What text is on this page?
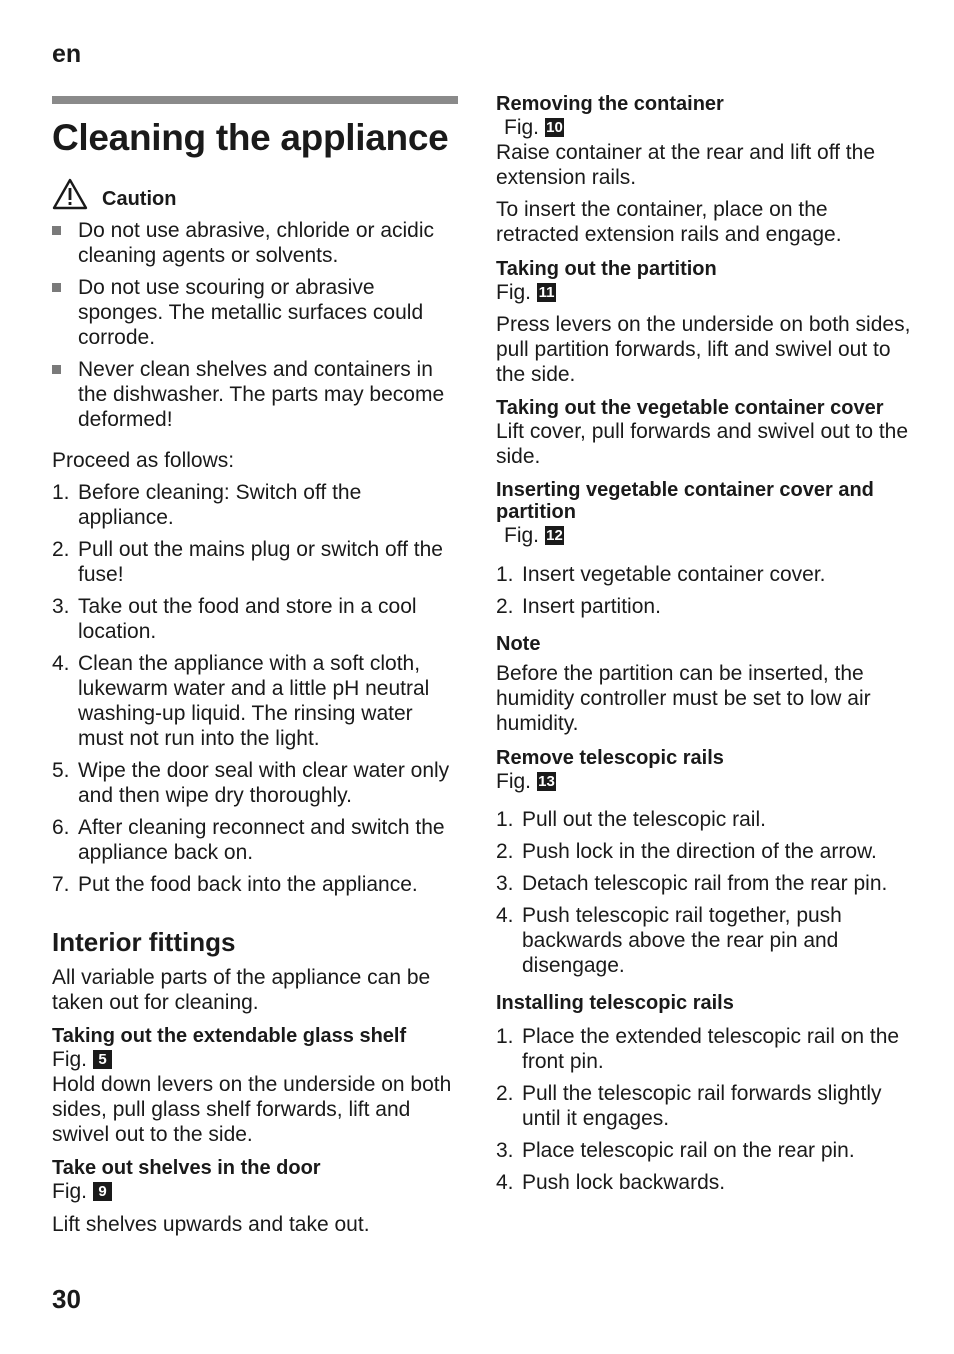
en
Cleaning the appliance
Caution
Do not use abrasive, chloride or acidic cleaning agents or solvents.
Do not use scouring or abrasive sponges. The metallic surfaces could corrode.
Never clean shelves and containers in the dishwasher. The parts may become deformed!

Proceed as follows:

1. Before cleaning: Switch off the appliance.
2. Pull out the mains plug or switch off the fuse!
3. Take out the food and store in a cool location.
4. Clean the appliance with a soft cloth, lukewarm water and a little pH neutral washing-up liquid. The rinsing water must not run into the light.
5. Wipe the door seal with clear water only and then wipe dry thoroughly.
6. After cleaning reconnect and switch the appliance back on.
7. Put the food back into the appliance.
Interior fittings

All variable parts of the appliance can be taken out for cleaning.

Taking out the extendable glass shelf
Fig. 5

Hold down levers on the underside on both sides, pull glass shelf forwards, lift and swivel out to the side.

Take out shelves in the door
Fig. 9

Lift shelves upwards and take out.

Removing the container
Fig. 10

Raise container at the rear and lift off the extension rails.

To insert the container, place on the retracted extension rails and engage.

Taking out the partition
Fig. 11

Press levers on the underside on both sides, pull partition forwards, lift and swivel out to the side.

Taking out the vegetable container cover

Lift cover, pull forwards and swivel out to the side.

Inserting vegetable container cover and partition
Fig. 12
1. Insert vegetable container cover.
2. Insert partition.
Note

Before the partition can be inserted, the humidity controller must be set to low air humidity.

Remove telescopic rails
Fig. 13
1. Pull out the telescopic rail.
2. Push lock in the direction of the arrow.
3. Detach telescopic rail from the rear pin.
4. Push telescopic rail together, push backwards above the rear pin and disengage.
Installing telescopic rails
1. Place the extended telescopic rail on the front pin.
2. Pull the telescopic rail forwards slightly until it engages.
3. Place telescopic rail on the rear pin.
4. Push lock backwards.
30
